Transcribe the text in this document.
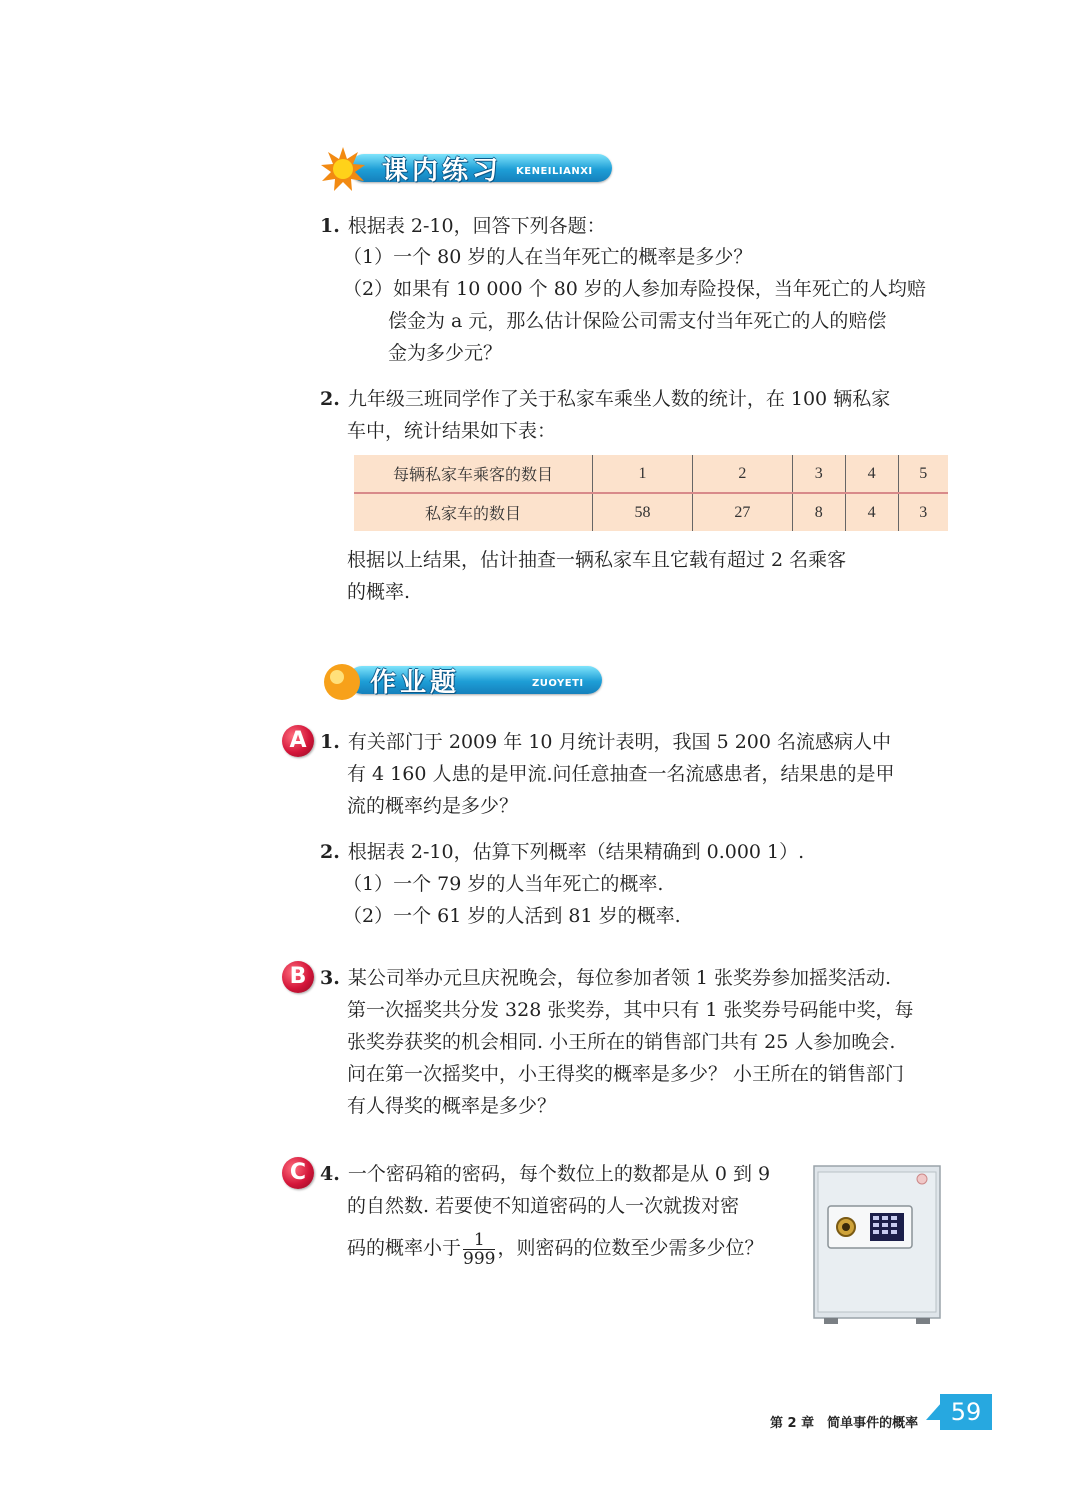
课内练习 KENEILIANXI
1. 根据表 2-10，回答下列各题：
（1）一个 80 岁的人在当年死亡的概率是多少？
（2）如果有 10 000 个 80 岁的人参加寿险投保，当年死亡的人均赔
偿金为 a 元，那么估计保险公司需支付当年死亡的人的赔偿
金为多少元？
2. 九年级三班同学作了关于私家车乘坐人数的统计，在 100 辆私家
车中，统计结果如下表：
每辆私家车乘客的数目	1	2	3	4	5
私家车的数目	58	27	8	4	3
根据以上结果，估计抽查一辆私家车且它载有超过 2 名乘客
的概率.
作业题	ZUOYETI
A 1. 有关部门于 2009 年 10 月统计表明，我国 5 200 名流感病人中
有 4 160 人患的是甲流.问任意抽查一名流感患者，结果患的是甲
流的概率约是多少？
2. 根据表 2-10，估算下列概率（结果精确到 0.000 1）.
（1）一个 79 岁的人当年死亡的概率.
（2）一个 61 岁的人活到 81 岁的概率.
B 3. 某公司举办元旦庆祝晚会，每位参加者领 1 张奖券参加摇奖活动.
第一次摇奖共分发 328 张奖券，其中只有 1 张奖券号码能中奖，每
张奖券获奖的机会相同. 小王所在的销售部门共有 25 人参加晚会.
问在第一次摇奖中，小王得奖的概率是多少？ 小王所在的销售部门
有人得奖的概率是多少？
C 4. 一个密码箱的密码，每个数位上的数都是从 0 到 9
的自然数. 若要使不知道密码的人一次就拨对密
码的概率小于 $\frac{1}{999}$ ，则密码的位数至少需多少位？
第 2 章　简单事件的概率	59
